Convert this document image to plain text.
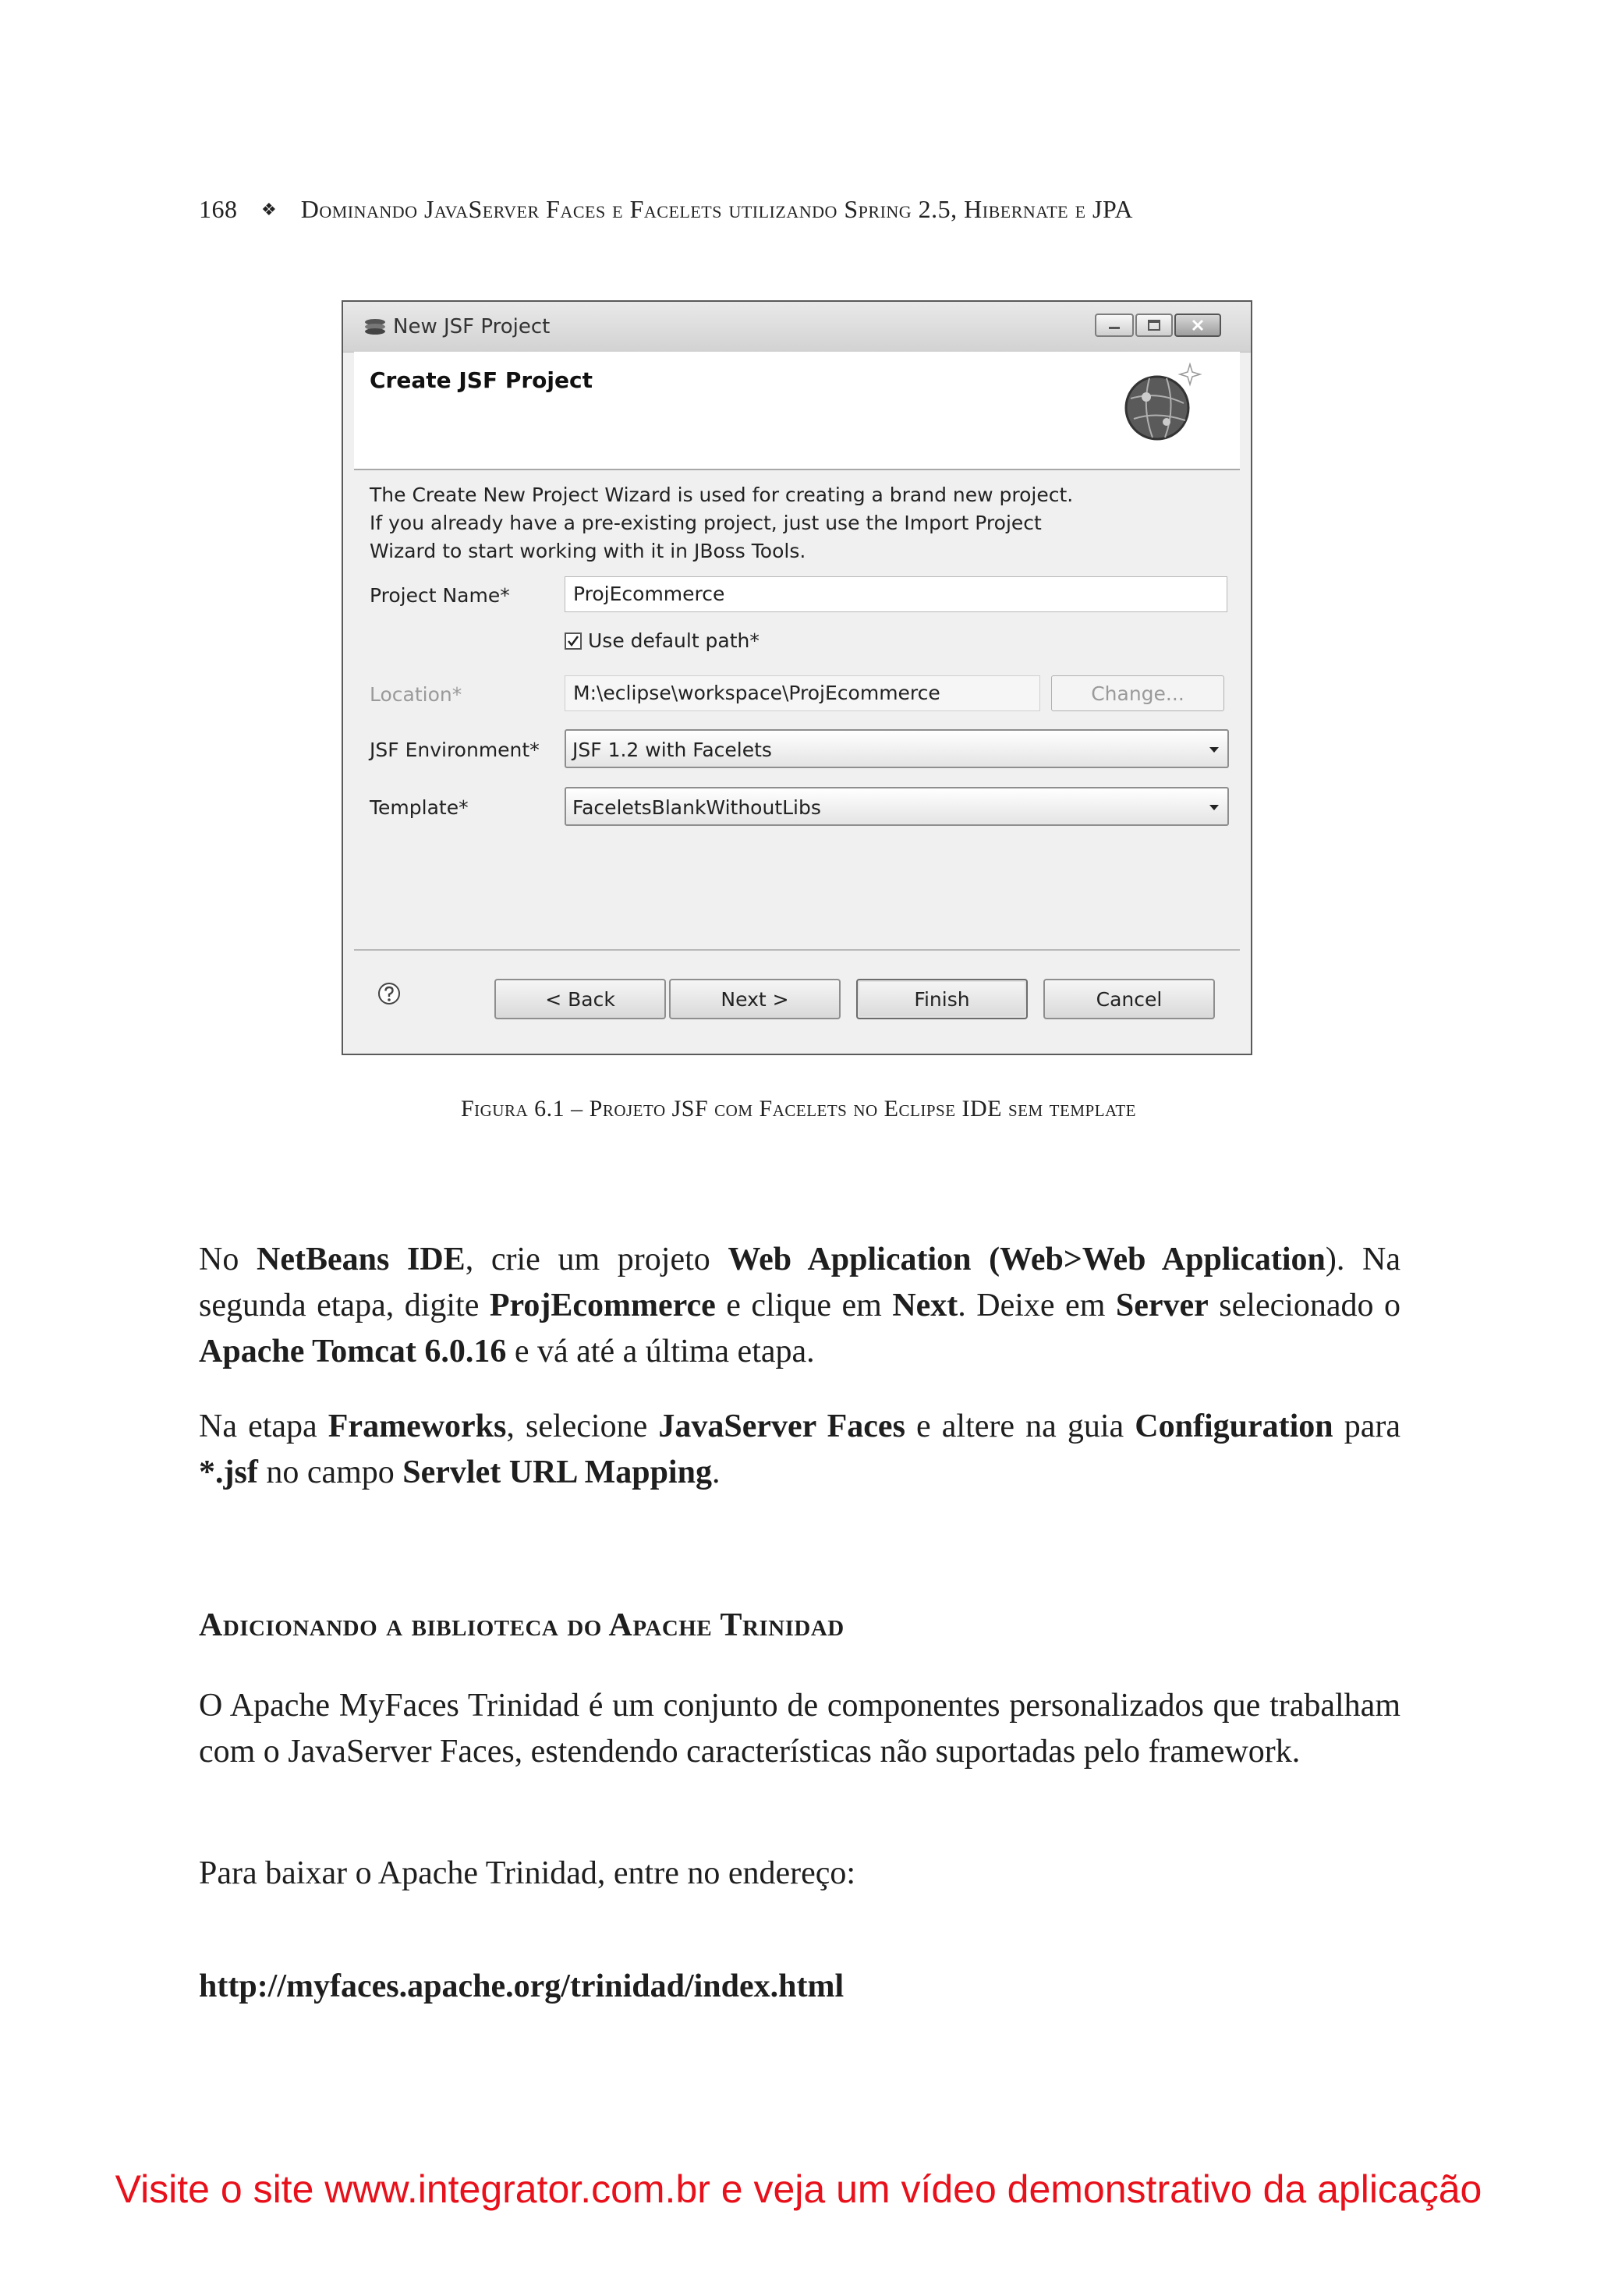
168 ❖ Dominando JavaServer Faces e Facelets utilizando Spring 2.5, Hibernate e JPA
New JSF Project
Create JSF Project
The Create New Project Wizard is used for creating a brand new project.
If you already have a pre-existing project, just use the Import Project
Wizard to start working with it in JBoss Tools.
Project Name*	ProjEcommerce
Use default path*
Location*	M:\eclipse\workspace\ProjEcommerce	Change...
JSF Environment* JSF 1.2 with Facelets
Template*	FaceletsBlankWithoutLibs
< Back	Next >	Finish	Cancel
Figura 6.1 – Projeto JSF com Facelets no Eclipse IDE sem template

No NetBeans IDE, crie um projeto Web Application (Web>Web Application). Na segunda etapa, digite ProjEcommerce e clique em Next. Deixe em Server selecionado o Apache Tomcat 6.0.16 e vá até a última etapa.

Na etapa Frameworks, selecione JavaServer Faces e altere na guia Configuration para *.jsf no campo Servlet URL Mapping.

Adicionando a biblioteca do Apache Trinidad

O Apache MyFaces Trinidad é um conjunto de componentes personalizados que trabalham com o JavaServer Faces, estendendo características não suportadas pelo framework.

Para baixar o Apache Trinidad, entre no endereço:

http://myfaces.apache.org/trinidad/index.html
Visite o site www.integrator.com.br e veja um vídeo demonstrativo da aplicação
